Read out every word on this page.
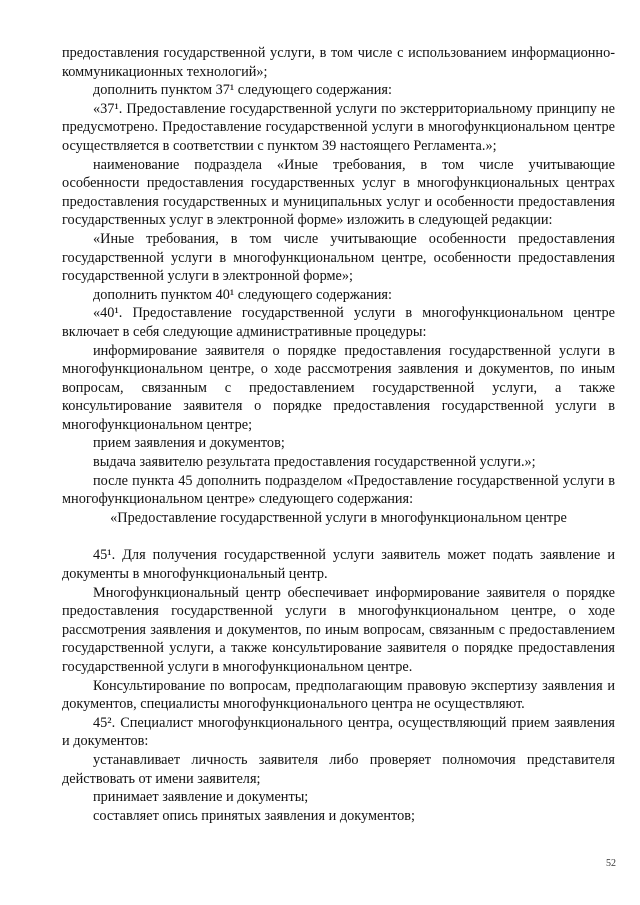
предоставления государственной услуги, в том числе с использованием информационно-коммуникационных технологий»;

дополнить пунктом 37¹ следующего содержания:

«37¹. Предоставление государственной услуги по экстерриториальному принципу не предусмотрено. Предоставление государственной услуги в многофункциональном центре осуществляется в соответствии с пунктом 39 настоящего Регламента.»;

наименование подраздела «Иные требования, в том числе учитывающие особенности предоставления государственных услуг в многофункциональных центрах предоставления государственных и муниципальных услуг и особенности предоставления государственных услуг в электронной форме» изложить в следующей редакции:

«Иные требования, в том числе учитывающие особенности предоставления государственной услуги в многофункциональном центре, особенности предоставления государственной услуги в электронной форме»;

дополнить пунктом 40¹ следующего содержания:

«40¹. Предоставление государственной услуги в многофункциональном центре включает в себя следующие административные процедуры:

информирование заявителя о порядке предоставления государственной услуги в многофункциональном центре, о ходе рассмотрения заявления и документов, по иным вопросам, связанным с предоставлением государственной услуги, а также консультирование заявителя о порядке предоставления государственной услуги в многофункциональном центре;

прием заявления и документов;

выдача заявителю результата предоставления государственной услуги.»;

после пункта 45 дополнить подразделом «Предоставление государственной услуги в многофункциональном центре» следующего содержания:

«Предоставление государственной услуги в многофункциональном центре

45¹. Для получения государственной услуги заявитель может подать заявление и документы в многофункциональный центр.

Многофункциональный центр обеспечивает информирование заявителя о порядке предоставления государственной услуги в многофункциональном центре, о ходе рассмотрения заявления и документов, по иным вопросам, связанным с предоставлением государственной услуги, а также консультирование заявителя о порядке предоставления государственной услуги в многофункциональном центре.

Консультирование по вопросам, предполагающим правовую экспертизу заявления и документов, специалисты многофункционального центра не осуществляют.

45². Специалист многофункционального центра, осуществляющий прием заявления и документов:

устанавливает личность заявителя либо проверяет полномочия представителя действовать от имени заявителя;

принимает заявление и документы;

составляет опись принятых заявления и документов;

52
